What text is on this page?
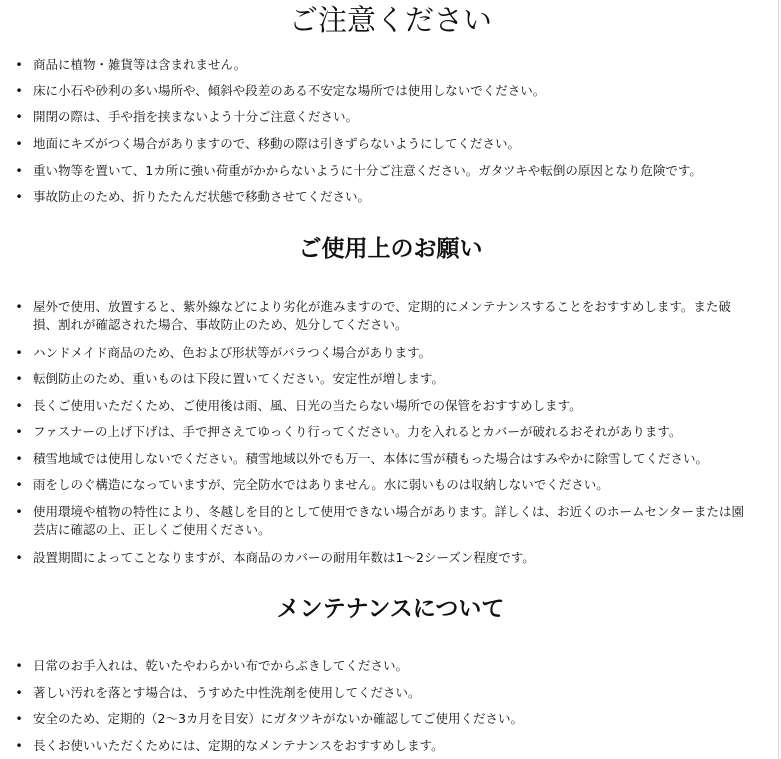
ご注意ください
• 商品に植物・雑貨等は含まれません。
• 床に小石や砂利の多い場所や、傾斜や段差のある不安定な場所では使用しないでください。
• 開閉の際は、手や指を挟まないよう十分ご注意ください。
• 地面にキズがつく場合がありますので、移動の際は引きずらないようにしてください。
• 重い物等を置いて、1カ所に強い荷重がかからないように十分ご注意ください。ガタツキや転倒の原因となり危険です。
• 事故防止のため、折りたたんだ状態で移動させてください。
ご使用上のお願い
• 屋外で使用、放置すると、紫外線などにより劣化が進みますので、定期的にメンテナンスすることをおすすめします。また破損、割れが確認された場合、事故防止のため、処分してください。
• ハンドメイド商品のため、色および形状等がバラつく場合があります。
• 転倒防止のため、重いものは下段に置いてください。安定性が増します。
• 長くご使用いただくため、ご使用後は雨、風、日光の当たらない場所での保管をおすすめします。
• ファスナーの上げ下げは、手で押さえてゆっくり行ってください。力を入れるとカバーが破れるおそれがあります。
• 積雪地域では使用しないでください。積雪地域以外でも万一、本体に雪が積もった場合はすみやかに除雪してください。
• 雨をしのぐ構造になっていますが、完全防水ではありません。水に弱いものは収納しないでください。
• 使用環境や植物の特性により、冬越しを目的として使用できない場合があります。詳しくは、お近くのホームセンターまたは園芸店に確認の上、正しくご使用ください。
• 設置期間によってことなりますが、本商品のカバーの耐用年数は1〜2シーズン程度です。
メンテナンスについて
• 日常のお手入れは、乾いたやわらかい布でからぶきしてください。
• 著しい汚れを落とす場合は、うすめた中性洗剤を使用してください。
• 安全のため、定期的（2〜3カ月を目安）にガタツキがないか確認してご使用ください。
• 長くお使いいただくためには、定期的なメンテナンスをおすすめします。
